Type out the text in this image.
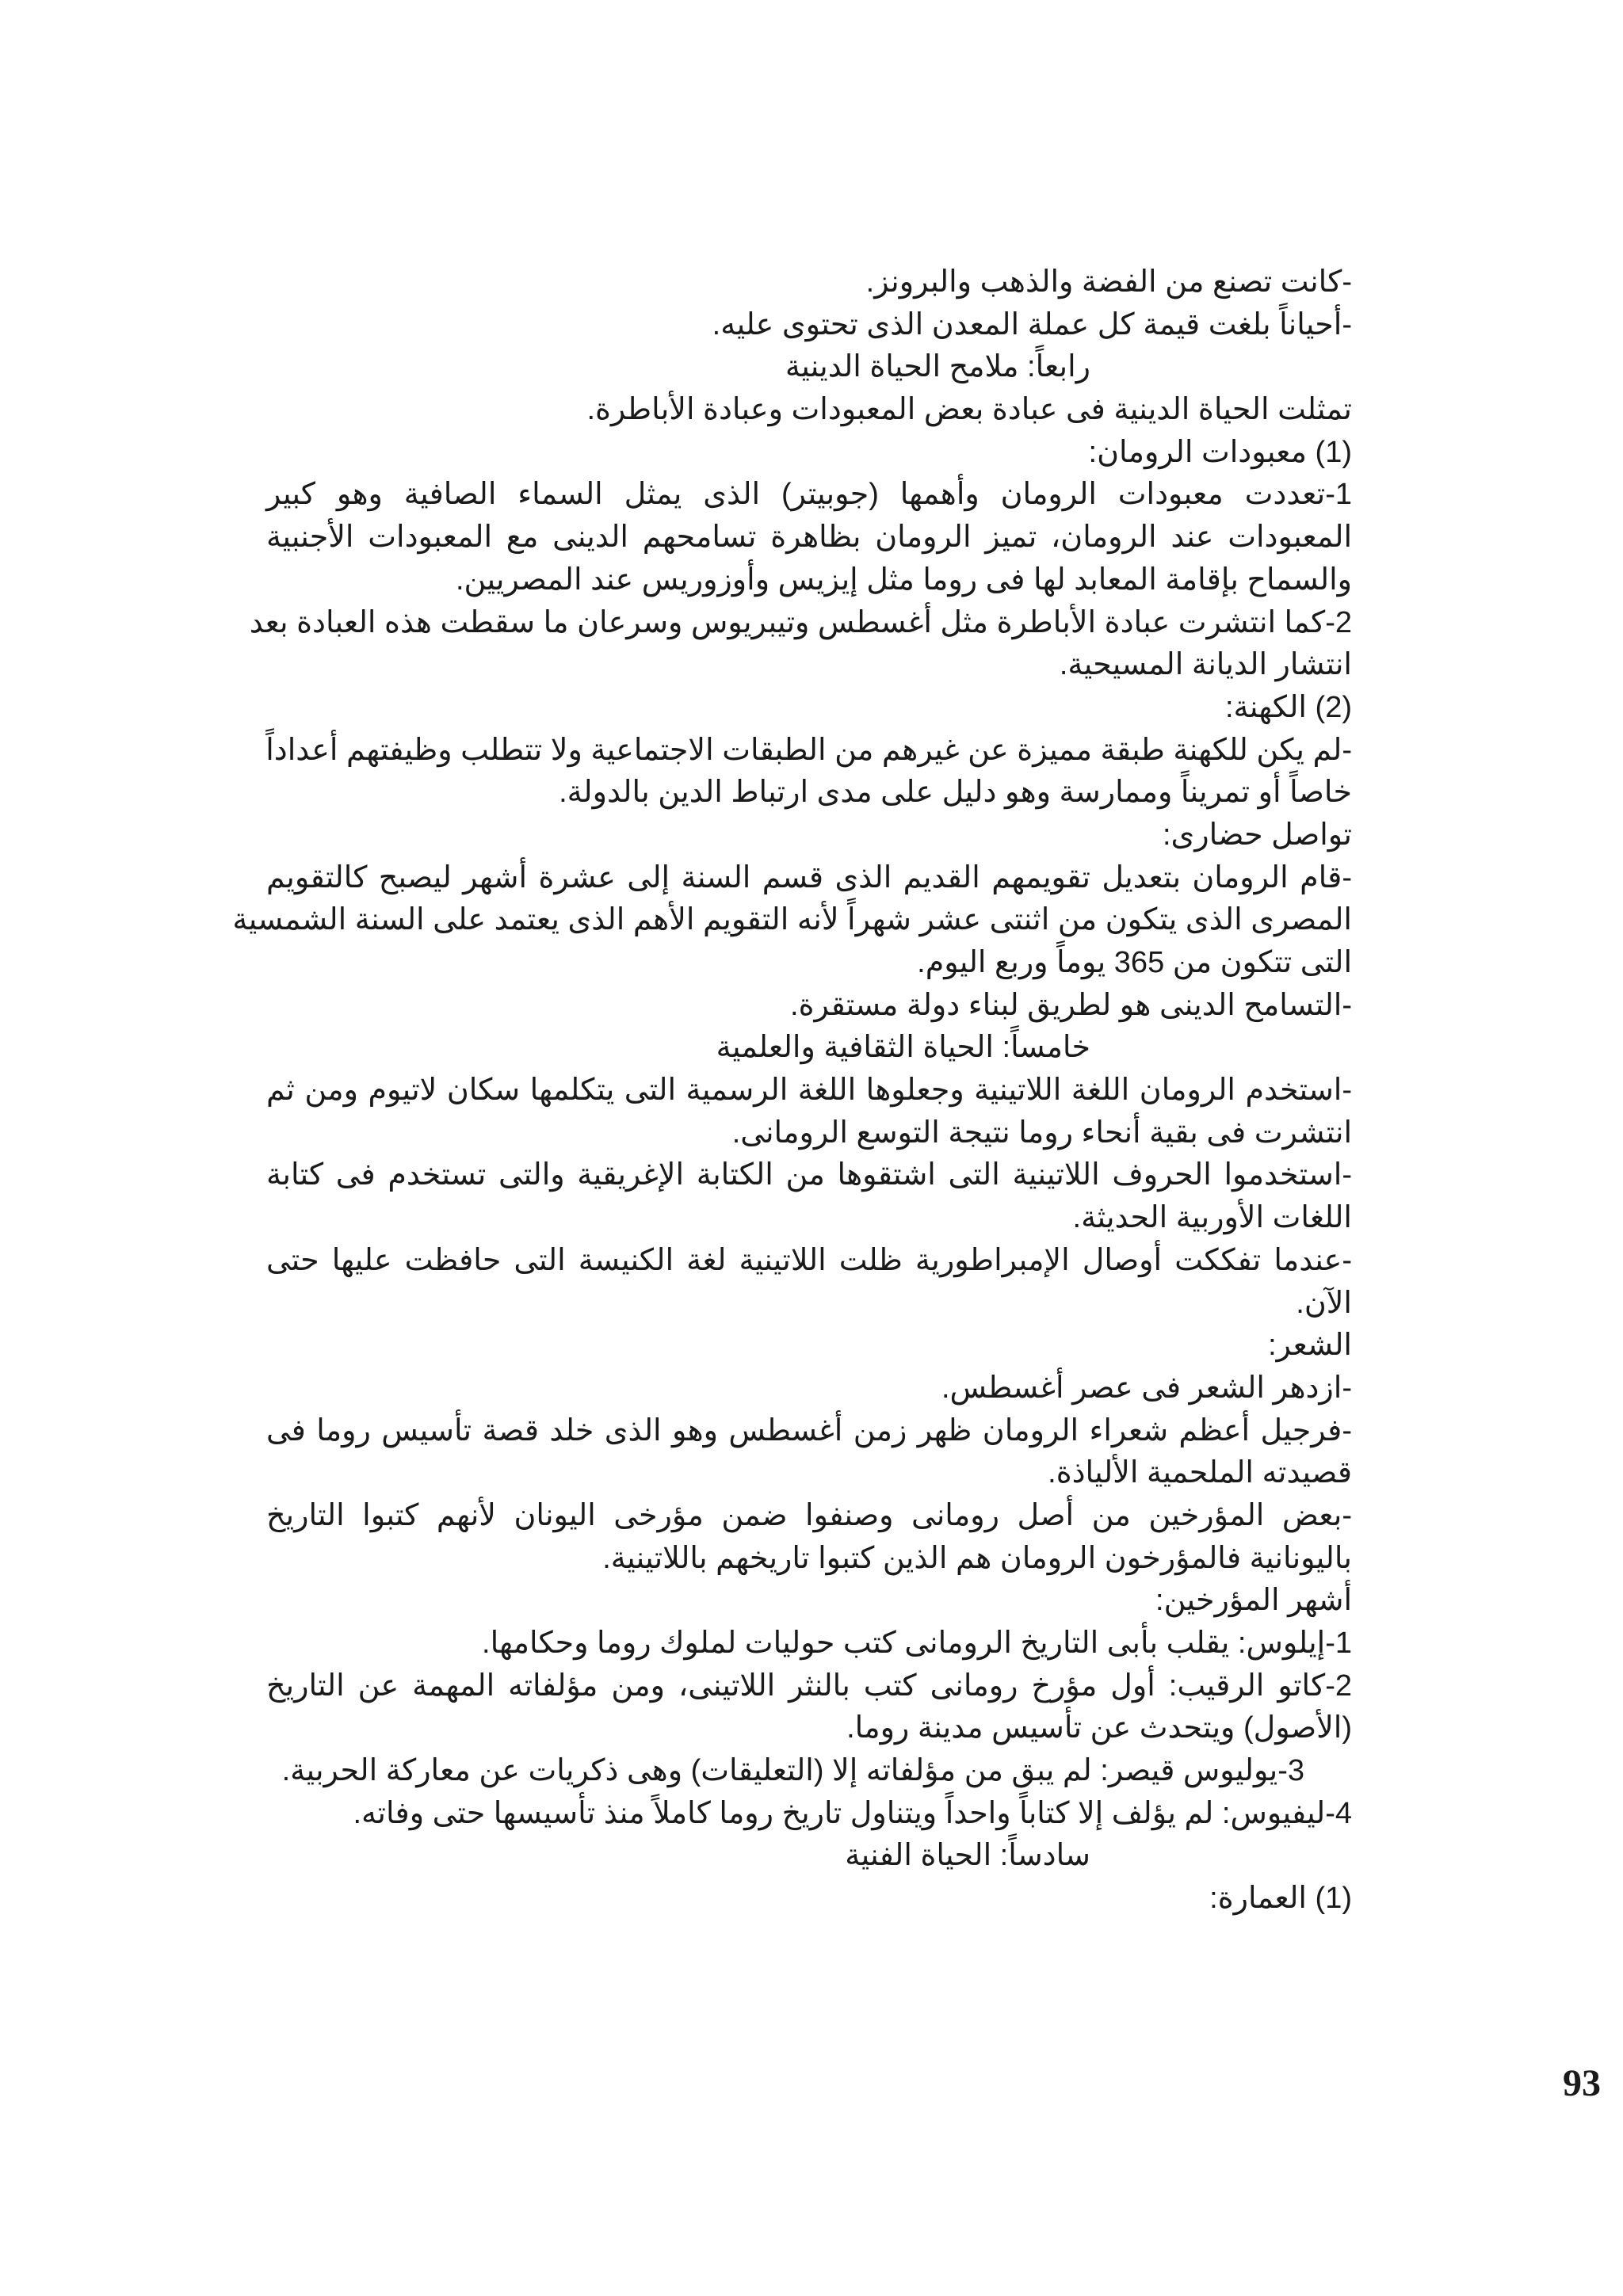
-كانت تصنع من الفضة والذهب والبرونز.
-أحياناً بلغت قيمة كل عملة المعدن الذى تحتوى عليه.
رابعاً: ملامح الحياة الدينية
تمثلت الحياة الدينية فى عبادة بعض المعبودات وعبادة الأباطرة.
(1) معبودات الرومان:
1-تعددت معبودات الرومان وأهمها (جوبيتر) الذى يمثل السماء الصافية وهو كبير
المعبودات عند الرومان، تميز الرومان بظاهرة تسامحهم الدينى مع المعبودات الأجنبية
والسماح بإقامة المعابد لها فى روما مثل إيزيس وأوزوريس عند المصريين.
2-كما انتشرت عبادة الأباطرة مثل أغسطس وتيبريوس وسرعان ما سقطت هذه العبادة بعد
انتشار الديانة المسيحية.
(2) الكهنة:
-لم يكن للكهنة طبقة مميزة عن غيرهم من الطبقات الاجتماعية ولا تتطلب وظيفتهم أعداداً
خاصاً أو تمريناً وممارسة وهو دليل على مدى ارتباط الدين بالدولة.
تواصل حضارى:
-قام الرومان بتعديل تقويمهم القديم الذى قسم السنة إلى عشرة أشهر ليصبح كالتقويم
المصرى الذى يتكون من اثنتى عشر شهراً لأنه التقويم الأهم الذى يعتمد على السنة الشمسية
التى تتكون من 365 يوماً وربع اليوم.
-التسامح الدينى هو لطريق لبناء دولة مستقرة.
خامساً: الحياة الثقافية والعلمية
-استخدم الرومان اللغة اللاتينية وجعلوها اللغة الرسمية التى يتكلمها سكان لاتيوم ومن ثم
انتشرت فى بقية أنحاء روما نتيجة التوسع الرومانى.
-استخدموا الحروف اللاتينية التى اشتقوها من الكتابة الإغريقية والتى تستخدم فى كتابة
اللغات الأوربية الحديثة.
-عندما تفككت أوصال الإمبراطورية ظلت اللاتينية لغة الكنيسة التى حافظت عليها حتى
الآن.
الشعر:
-ازدهر الشعر فى عصر أغسطس.
-فرجيل أعظم شعراء الرومان ظهر زمن أغسطس وهو الذى خلد قصة تأسيس روما فى
قصيدته الملحمية الألياذة.
-بعض المؤرخين من أصل رومانى وصنفوا ضمن مؤرخى اليونان لأنهم كتبوا التاريخ
باليونانية فالمؤرخون الرومان هم الذين كتبوا تاريخهم باللاتينية.
أشهر المؤرخين:
1-إيلوس: يقلب بأبى التاريخ الرومانى كتب حوليات لملوك روما وحكامها.
2-كاتو الرقيب: أول مؤرخ رومانى كتب بالنثر اللاتينى، ومن مؤلفاته المهمة عن التاريخ
(الأصول) ويتحدث عن تأسيس مدينة روما.
3-يوليوس قيصر: لم يبق من مؤلفاته إلا (التعليقات) وهى ذكريات عن معاركة الحربية.
4-ليفيوس: لم يؤلف إلا كتاباً واحداً ويتناول تاريخ روما كاملاً منذ تأسيسها حتى وفاته.
سادساً: الحياة الفنية
(1) العمارة:
93
